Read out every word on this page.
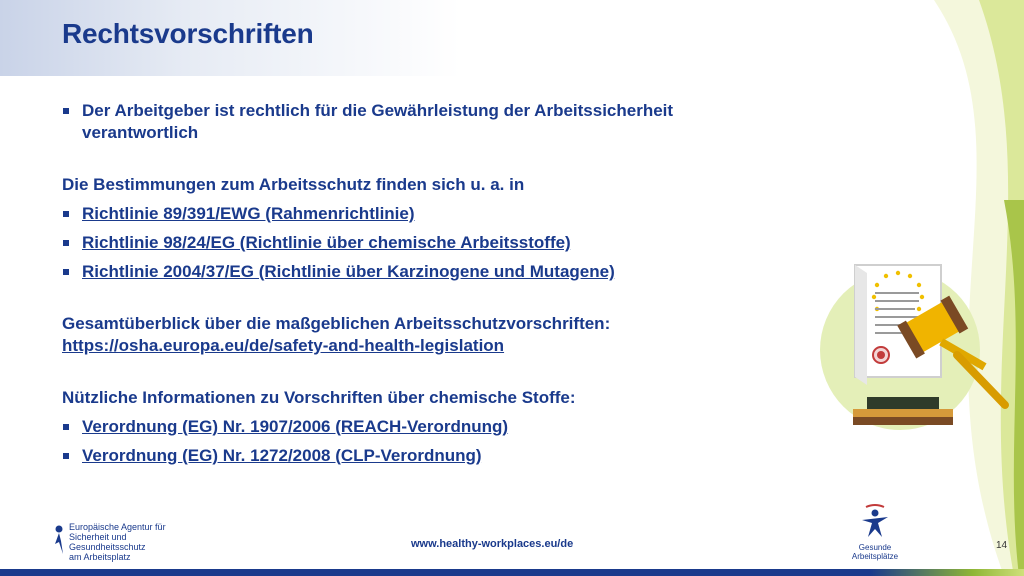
Rechtsvorschriften
Der Arbeitgeber ist rechtlich für die Gewährleistung der Arbeitssicherheit verantwortlich
Die Bestimmungen zum Arbeitsschutz finden sich u. a. in
Richtlinie 89/391/EWG (Rahmenrichtlinie)
Richtlinie 98/24/EG (Richtlinie über chemische Arbeitsstoffe)
Richtlinie 2004/37/EG (Richtlinie über Karzinogene und Mutagene)
Gesamtüberblick über die maßgeblichen Arbeitsschutzvorschriften:
https://osha.europa.eu/de/safety-and-health-legislation
Nützliche Informationen zu Vorschriften über chemische Stoffe:
Verordnung (EG) Nr. 1907/2006 (REACH-Verordnung)
Verordnung (EG) Nr. 1272/2008 (CLP-Verordnung)
Europäische Agentur für
Sicherheit und Gesundheitsschutz
am Arbeitsplatz
www.healthy-workplaces.eu/de	Gesunde Arbeitsplätze
14
